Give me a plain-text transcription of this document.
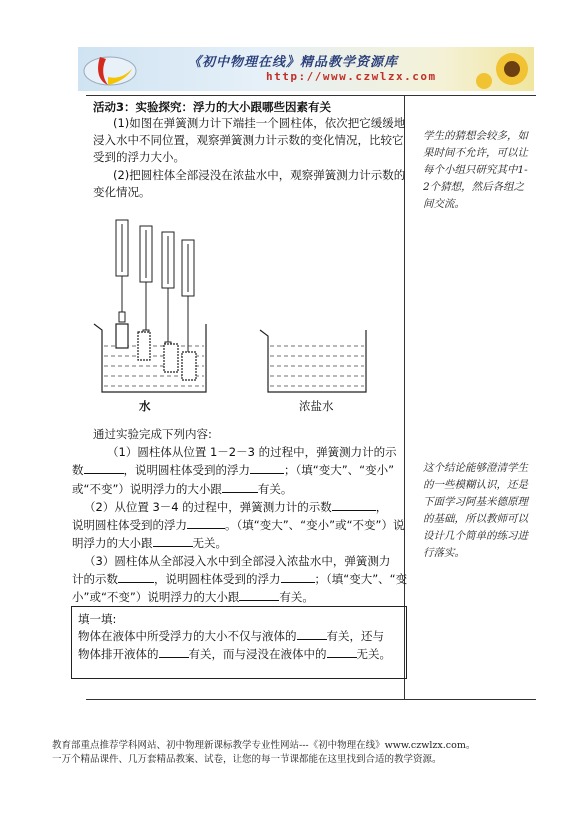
《初中物理在线》精品教学资源库
http://www.czwlzx.com
活动3：实验探究：浮力的大小跟哪些因素有关
(1)如图在弹簧测力计下端挂一个圆柱体，依次把它缓缓地
浸入水中不同位置，观察弹簧测力计示数的变化情况，比较它
受到的浮力大小。
(2)把圆柱体全部浸没在浓盐水中，观察弹簧测力计示数的
变化情况。
水	浓盐水
通过实验完成下列内容:
（1）圆柱体从位置 1－2－3 的过程中，弹簧测力计的示
数	，说明圆柱体受到的浮力	；（填“变大”、“变小”
或“不变”）说明浮力的大小跟	有关。
（2）从位置 3－4 的过程中，弹簧测力计的示数	，
说明圆柱体受到的浮力	。（填“变大”、“变小”或“不变”）说
明浮力的大小跟	无关。
（3）圆柱体从全部浸入水中到全部浸入浓盐水中，弹簧测力
计的示数	，说明圆柱体受到的浮力	；（填“变大”、“变
小”或“不变”）说明浮力的大小跟	有关。
填一填:
物体在液体中所受浮力的大小不仅与液体的	有关，还与
物体排开液体的	有关，而与浸没在液体中的	无关。
学生的猜想会较多，如果时间不允许，可以让每个小组只研究其中1-2个猜想，然后各组之间交流。
这个结论能够澄清学生的一些模糊认识，还是下面学习阿基米德原理的基础，所以教师可以设计几个简单的练习进行落实。
教育部重点推荐学科网站、初中物理新课标教学专业性网站---《初中物理在线》www.czwlzx.com。
一万个精品课件、几万套精品教案、试卷，让您的每一节课都能在这里找到合适的教学资源。
